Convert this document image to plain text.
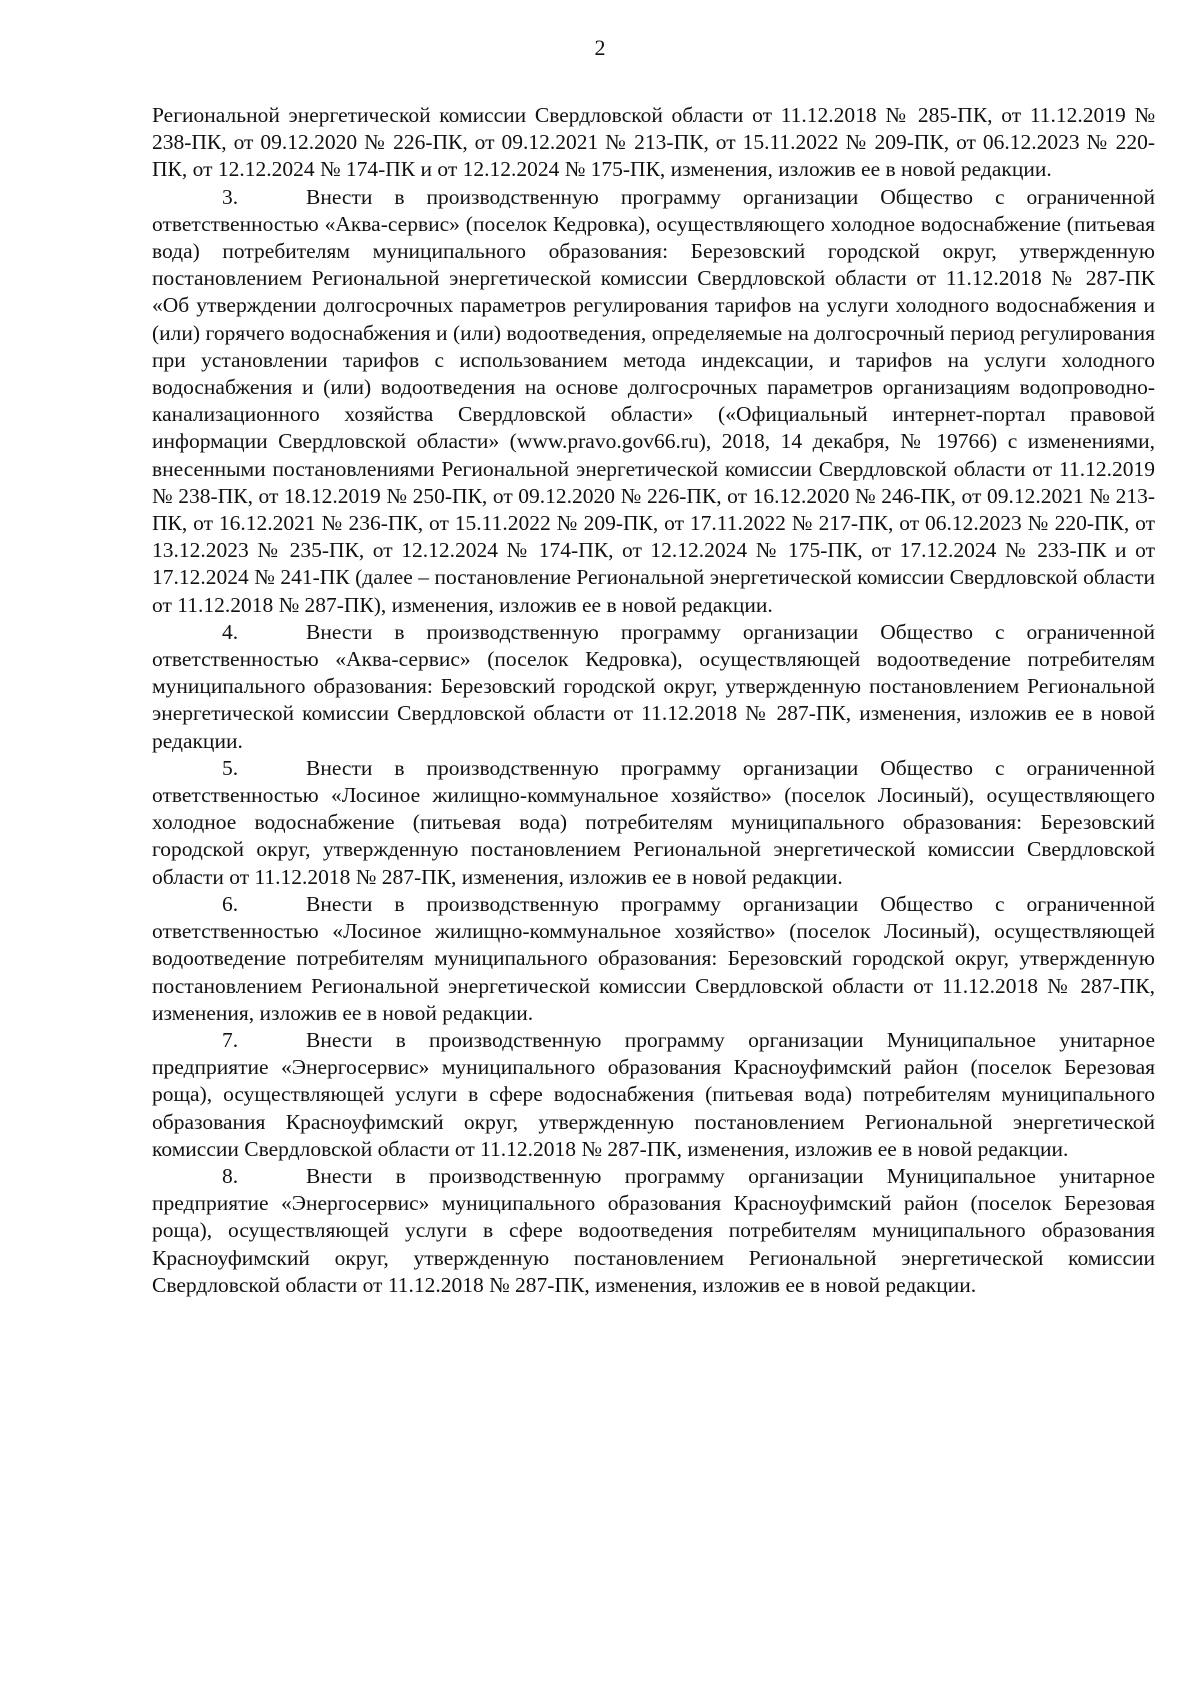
2

Региональной энергетической комиссии Свердловской области от 11.12.2018 № 285-ПК, от 11.12.2019 № 238-ПК, от 09.12.2020 № 226-ПК, от 09.12.2021 № 213-ПК, от 15.11.2022 № 209-ПК, от 06.12.2023 № 220-ПК, от 12.12.2024 № 174-ПК и от 12.12.2024 № 175-ПК, изменения, изложив ее в новой редакции.

3.	Внести в производственную программу организации Общество с ограниченной ответственностью «Аква-сервис» (поселок Кедровка), осуществляющего холодное водоснабжение (питьевая вода) потребителям муниципального образования: Березовский городской округ, утвержденную постановлением Региональной энергетической комиссии Свердловской области от 11.12.2018 № 287-ПК «Об утверждении долгосрочных параметров регулирования тарифов на услуги холодного водоснабжения и (или) горячего водоснабжения и (или) водоотведения, определяемые на долгосрочный период регулирования при установлении тарифов с использованием метода индексации, и тарифов на услуги холодного водоснабжения и (или) водоотведения на основе долгосрочных параметров организациям водопроводно-канализационного хозяйства Свердловской области» («Официальный интернет-портал правовой информации Свердловской области» (www.pravo.gov66.ru), 2018, 14 декабря, № 19766) с изменениями, внесенными постановлениями Региональной энергетической комиссии Свердловской области от 11.12.2019 № 238-ПК, от 18.12.2019 № 250-ПК, от 09.12.2020 № 226-ПК, от 16.12.2020 № 246-ПК, от 09.12.2021 № 213-ПК, от 16.12.2021 № 236-ПК, от 15.11.2022 № 209-ПК, от 17.11.2022 № 217-ПК, от 06.12.2023 № 220-ПК, от 13.12.2023 № 235-ПК, от 12.12.2024 № 174-ПК, от 12.12.2024 № 175-ПК, от 17.12.2024 № 233-ПК и от 17.12.2024 № 241-ПК (далее – постановление Региональной энергетической комиссии Свердловской области от 11.12.2018 № 287-ПК), изменения, изложив ее в новой редакции.

4.	Внести в производственную программу организации Общество с ограниченной ответственностью «Аква-сервис» (поселок Кедровка), осуществляющей водоотведение потребителям муниципального образования: Березовский городской округ, утвержденную постановлением Региональной энергетической комиссии Свердловской области от 11.12.2018 № 287-ПК, изменения, изложив ее в новой редакции.

5.	Внести в производственную программу организации Общество с ограниченной ответственностью «Лосиное жилищно-коммунальное хозяйство» (поселок Лосиный), осуществляющего холодное водоснабжение (питьевая вода) потребителям муниципального образования: Березовский городской округ, утвержденную постановлением Региональной энергетической комиссии Свердловской области от 11.12.2018 № 287-ПК, изменения, изложив ее в новой редакции.

6.	Внести в производственную программу организации Общество с ограниченной ответственностью «Лосиное жилищно-коммунальное хозяйство» (поселок Лосиный), осуществляющей водоотведение потребителям муниципального образования: Березовский городской округ, утвержденную постановлением Региональной энергетической комиссии Свердловской области от 11.12.2018 № 287-ПК, изменения, изложив ее в новой редакции.

7.	Внести в производственную программу организации Муниципальное унитарное предприятие «Энергосервис» муниципального образования Красноуфимский район (поселок Березовая роща), осуществляющей услуги в сфере водоснабжения (питьевая вода) потребителям муниципального образования Красноуфимский округ, утвержденную постановлением Региональной энергетической комиссии Свердловской области от 11.12.2018 № 287-ПК, изменения, изложив ее в новой редакции.

8.	Внести в производственную программу организации Муниципальное унитарное предприятие «Энергосервис» муниципального образования Красноуфимский район (поселок Березовая роща), осуществляющей услуги в сфере водоотведения потребителям муниципального образования Красноуфимский округ, утвержденную постановлением Региональной энергетической комиссии Свердловской области от 11.12.2018 № 287-ПК, изменения, изложив ее в новой редакции.
